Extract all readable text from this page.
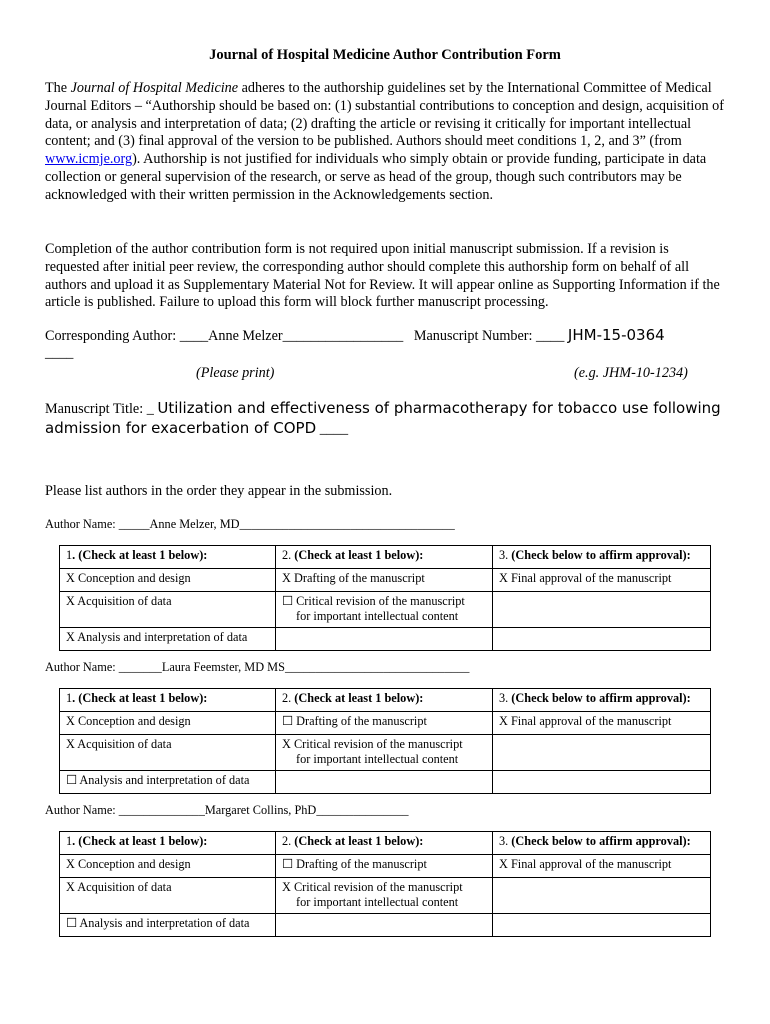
Journal of Hospital Medicine Author Contribution Form
The Journal of Hospital Medicine adheres to the authorship guidelines set by the International Committee of Medical Journal Editors – “Authorship should be based on: (1) substantial contributions to conception and design, acquisition of data, or analysis and interpretation of data; (2) drafting the article or revising it critically for important intellectual content; and (3) final approval of the version to be published. Authors should meet conditions 1, 2, and 3” (from www.icmje.org). Authorship is not justified for individuals who simply obtain or provide funding, participate in data collection or general supervision of the research, or serve as head of the group, though such contributors may be acknowledged with their written permission in the Acknowledgements section.
Completion of the author contribution form is not required upon initial manuscript submission. If a revision is requested after initial peer review, the corresponding author should complete this authorship form on behalf of all authors and upload it as Supplementary Material Not for Review. It will appear online as Supporting Information if the article is published. Failure to upload this form will block further manuscript processing.
Corresponding Author: ____Anne Melzer_________________ Manuscript Number: ____ JHM-15-0364
____
(Please print)	(e.g. JHM-10-1234)
Manuscript Title: _ Utilization and effectiveness of pharmacotherapy for tobacco use following admission for exacerbation of COPD ____
Please list authors in the order they appear in the submission.
Author Name: _____Anne Melzer, MD___________________________________
1. (Check at least 1 below):	2. (Check at least 1 below):	3. (Check below to affirm approval):
X Conception and design	X Drafting of the manuscript	X Final approval of the manuscript
X Acquisition of data	☐ Critical revision of the manuscript
for important intellectual content	
X Analysis and interpretation of data		
Author Name: _______Laura Feemster, MD MS______________________________
1. (Check at least 1 below):	2. (Check at least 1 below):	3. (Check below to affirm approval):
X Conception and design	☐ Drafting of the manuscript	X Final approval of the manuscript
X Acquisition of data	X Critical revision of the manuscript
for important intellectual content	
☐ Analysis and interpretation of data		
Author Name: ______________Margaret Collins, PhD_______________
1. (Check at least 1 below):	2. (Check at least 1 below):	3. (Check below to affirm approval):
X Conception and design	☐ Drafting of the manuscript	X Final approval of the manuscript
X Acquisition of data	X Critical revision of the manuscript
for important intellectual content	
☐ Analysis and interpretation of data		
